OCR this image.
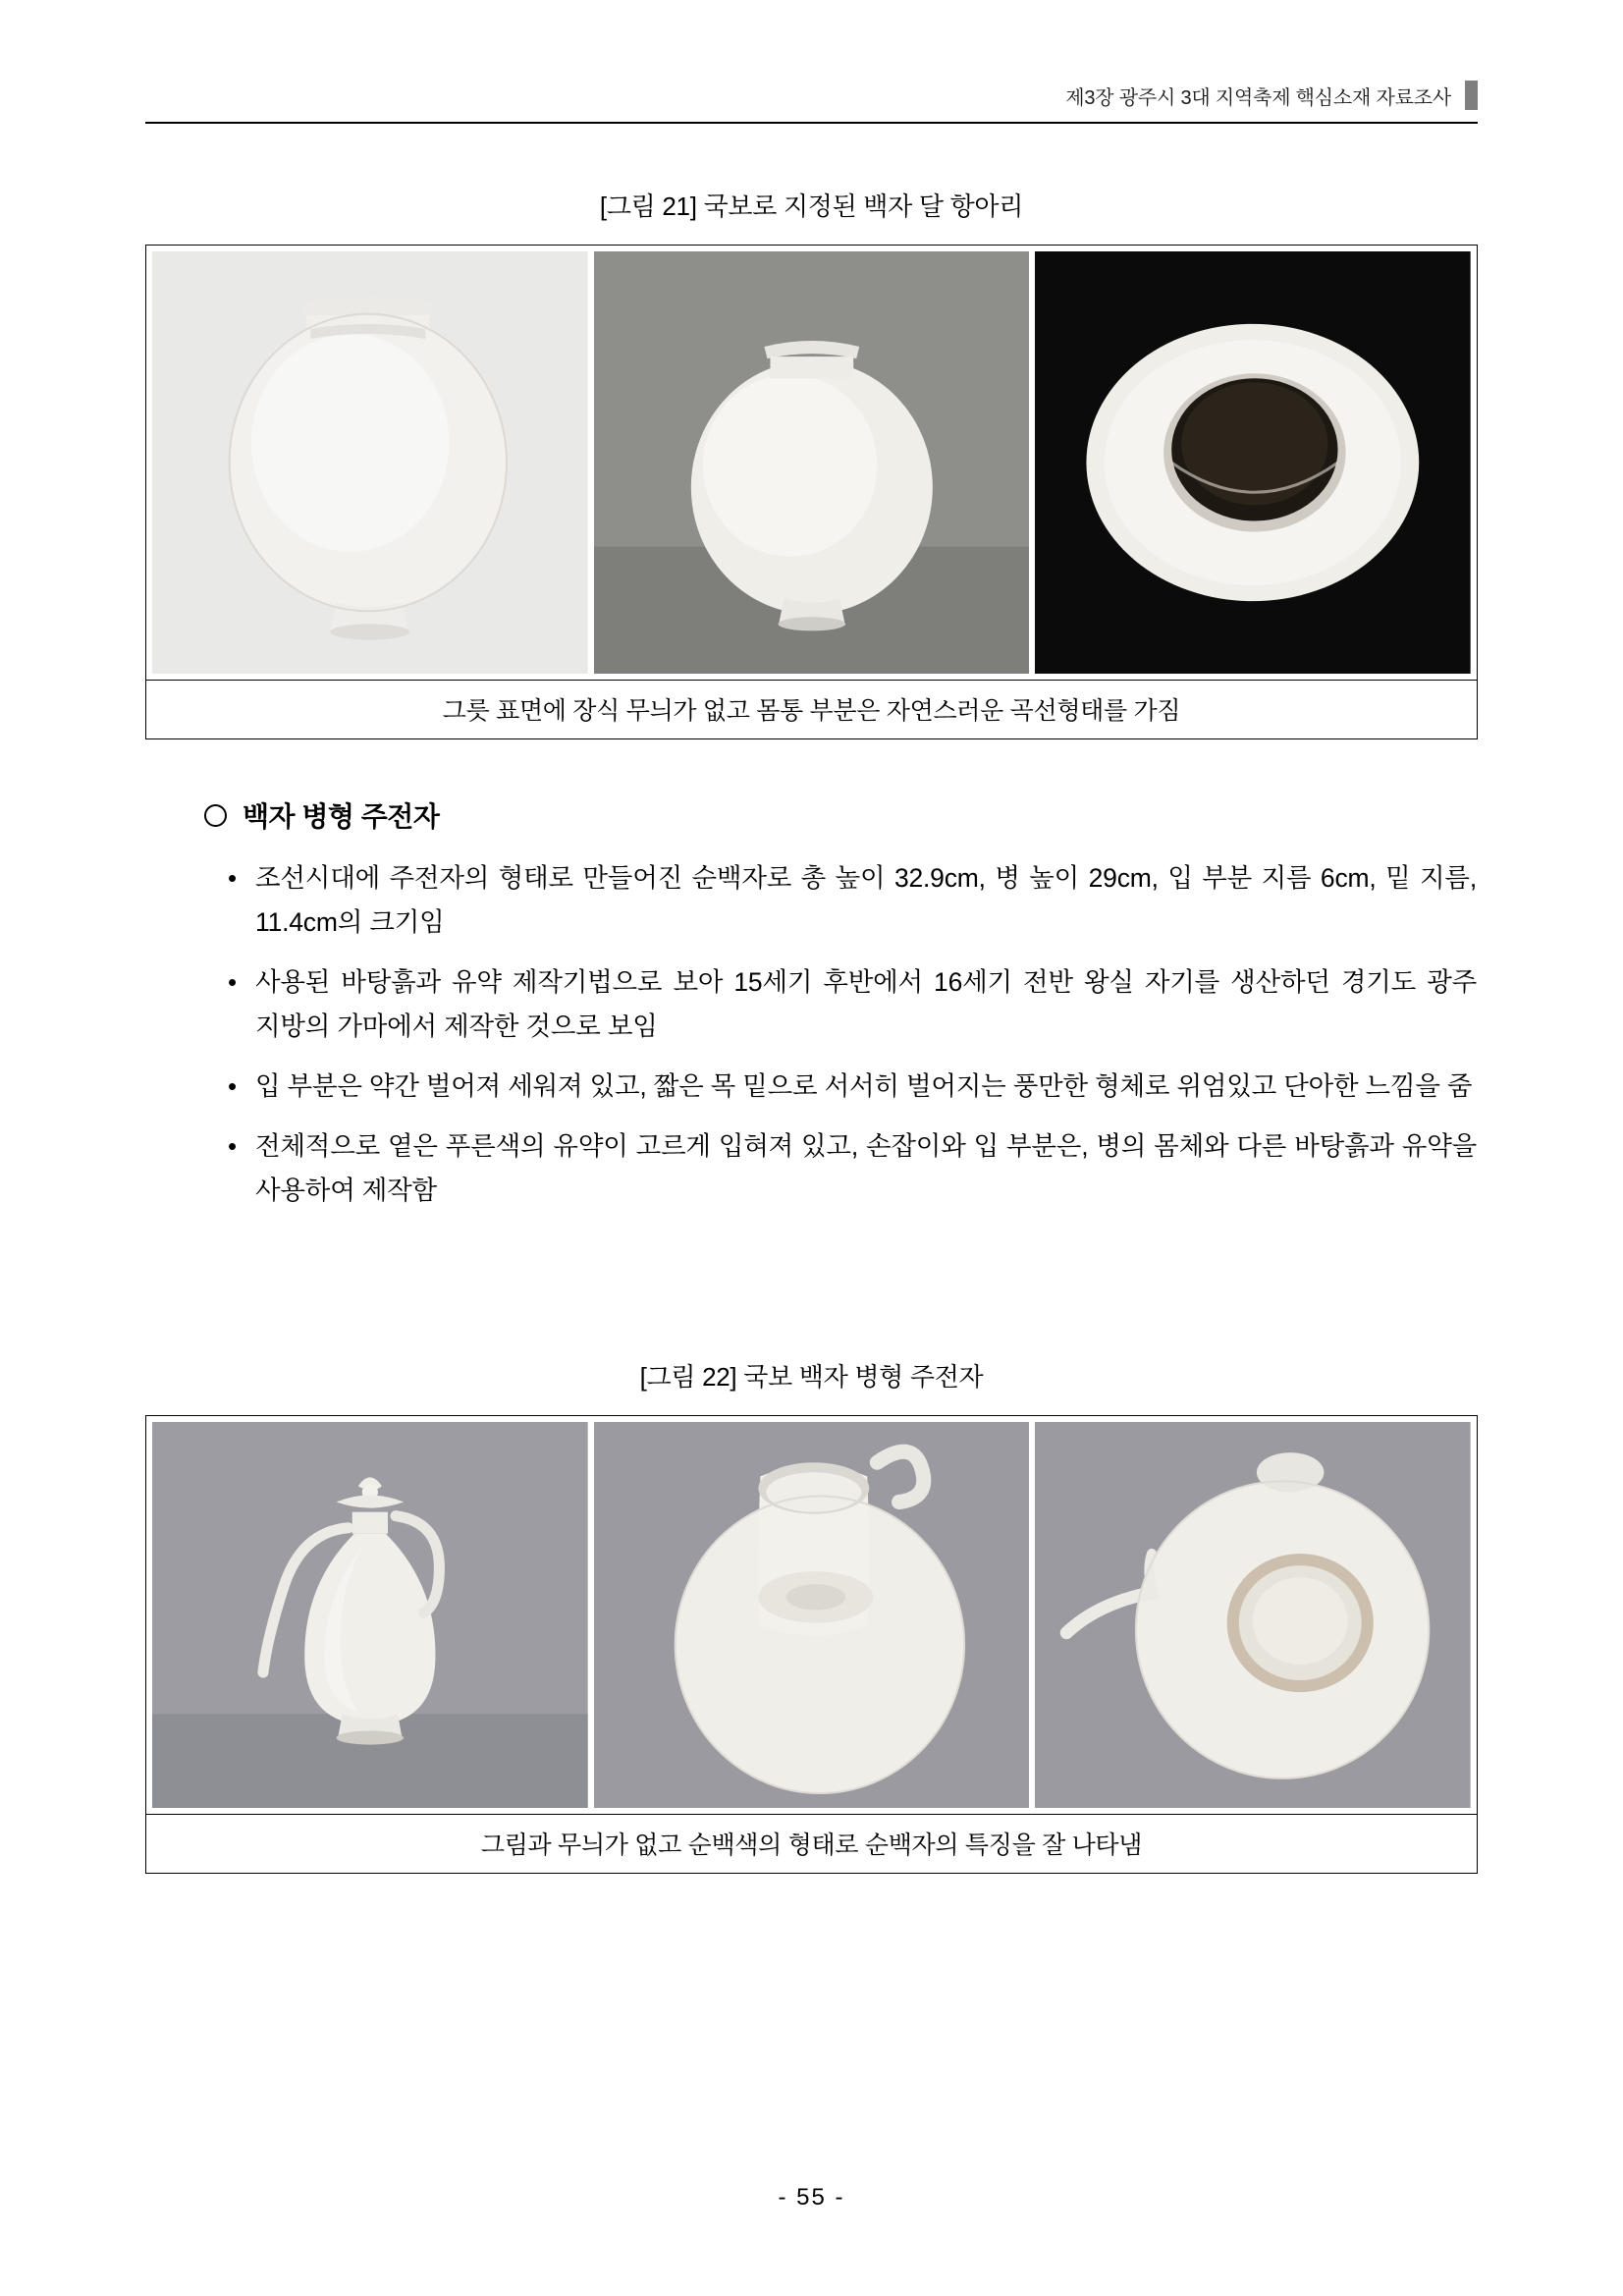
제3장 광주시 3대 지역축제 핵심소재 자료조사
[그림 21] 국보로 지정된 백자 달 항아리
그릇 표면에 장식 무늬가 없고 몸통 부분은 자연스러운 곡선형태를 가짐
백자 병형 주전자
• 조선시대에 주전자의 형태로 만들어진 순백자로 총 높이 32.9cm, 병 높이 29cm, 입 부분 지름 6cm, 밑 지름, 11.4cm의 크기임
• 사용된 바탕흙과 유약 제작기법으로 보아 15세기 후반에서 16세기 전반 왕실 자기를 생산하던 경기도 광주 지방의 가마에서 제작한 것으로 보임
• 입 부분은 약간 벌어져 세워져 있고, 짧은 목 밑으로 서서히 벌어지는 풍만한 형체로 위엄있고 단아한 느낌을 줌
• 전체적으로 옅은 푸른색의 유약이 고르게 입혀져 있고, 손잡이와 입 부분은, 병의 몸체와 다른 바탕흙과 유약을 사용하여 제작함
[그림 22] 국보 백자 병형 주전자
그림과 무늬가 없고 순백색의 형태로 순백자의 특징을 잘 나타냄
- 55 -
